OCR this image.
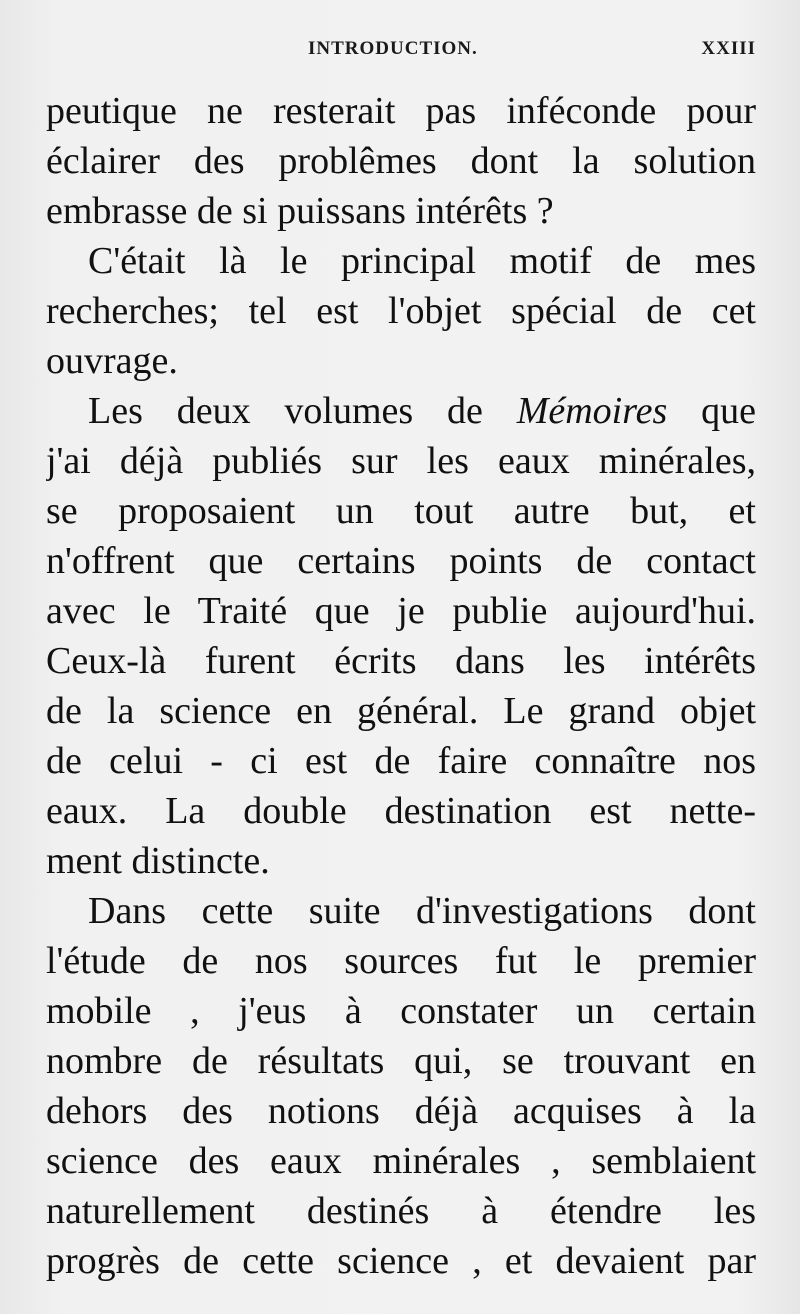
INTRODUCTION.	XXIII
peutique ne resterait pas inféconde pour
éclairer des problêmes dont la solution
embrasse de si puissans intérêts ?
C'était là le principal motif de mes
recherches; tel est l'objet spécial de cet
ouvrage.
Les deux volumes de Mémoires que
j'ai déjà publiés sur les eaux minérales,
se proposaient un tout autre but, et
n'offrent que certains points de contact
avec le Traité que je publie aujourd'hui.
Ceux-là furent écrits dans les intérêts
de la science en général. Le grand objet
de celui - ci est de faire connaître nos
eaux. La double destination est nette-
ment distincte.
Dans cette suite d'investigations dont
l'étude de nos sources fut le premier
mobile , j'eus à constater un certain
nombre de résultats qui, se trouvant en
dehors des notions déjà acquises à la
science des eaux minérales , semblaient
naturellement destinés à étendre les
progrès de cette science , et devaient par
